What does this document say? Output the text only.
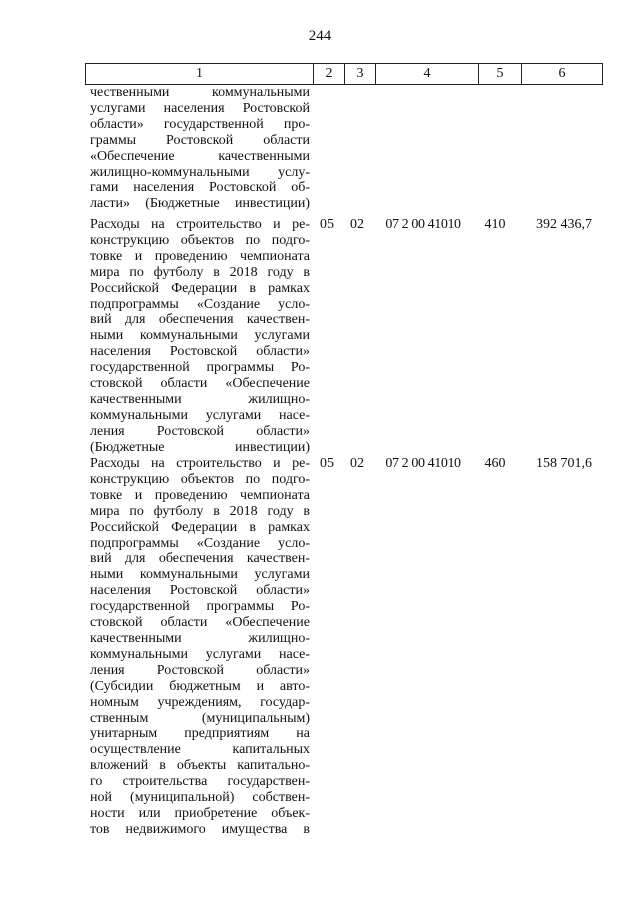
244
1	2	3	4	5	6

чественными коммунальными

услугами населения Ростовской

области» государственной про-

граммы Ростовской области

«Обеспечение качественными

жилищно-коммунальными услу-

гами населения Ростовской об-

ласти» (Бюджетные инвестиции)

Расходы на строительство и ре-

конструкцию объектов по подго-

товке и проведению чемпионата

мира по футболу в 2018 году в

Российской Федерации в рамках

подпрограммы «Создание усло-

вий для обеспечения качествен-

ными коммунальными услугами

населения Ростовской области»

государственной программы Ро-

стовской области «Обеспечение

качественными жилищно-

коммунальными услугами насе-

ления Ростовской области»

(Бюджетные инвестиции)

05	02	07 2 00 41010	410	392 436,7

Расходы на строительство и ре-

конструкцию объектов по подго-

товке и проведению чемпионата

мира по футболу в 2018 году в

Российской Федерации в рамках

подпрограммы «Создание усло-

вий для обеспечения качествен-

ными коммунальными услугами

населения Ростовской области»

государственной программы Ро-

стовской области «Обеспечение

качественными жилищно-

коммунальными услугами насе-

ления Ростовской области»

(Субсидии бюджетным и авто-

номным учреждениям, государ-

ственным (муниципальным)

унитарным предприятиям на

осуществление капитальных

вложений в объекты капитально-

го строительства государствен-

ной (муниципальной) собствен-

ности или приобретение объек-

тов недвижимого имущества в

05	02	07 2 00 41010	460	158 701,6
